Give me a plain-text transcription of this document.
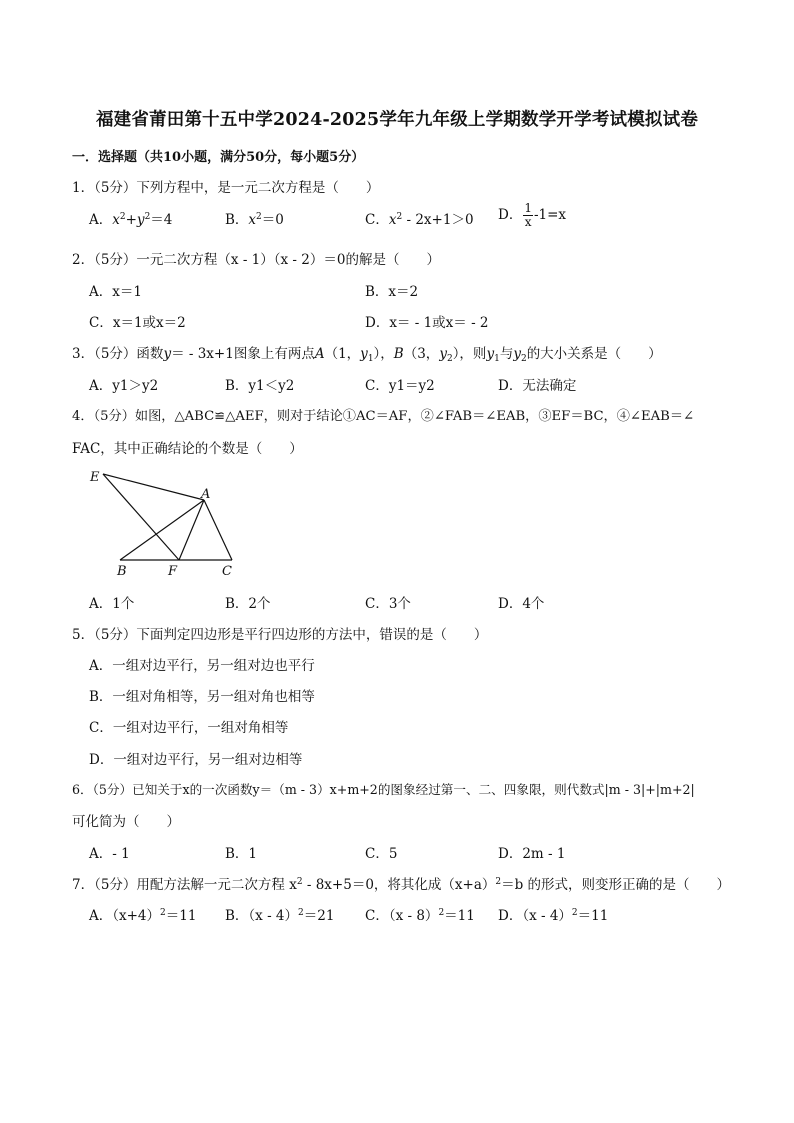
福建省莆田第十五中学2024-2025学年九年级上学期数学开学考试模拟试卷
一．选择题（共10小题，满分50分，每小题5分）
1．（5分）下列方程中，是一元二次方程是（　　）
A．$x^2+y^2=4$	B．$x^2=0$	C．$x^2 - 2x+1>0$ D． $\frac{1}{x} -1=x$
2．（5分）一元二次方程（x - 1）（x - 2）＝0的解是（　　）
A．x＝1	B．x＝2
C．x＝1或x＝2	D．x＝ - 1或x＝ - 2
3．（5分）函数y＝ - 3x+1图象上有两点A（1，$y_1$），B（3，$y_2$），则$y_1$与$y_2$的大小关系是（　　）
A．y1＞y2	B．y1＜y2	C．y1＝y2	D．无法确定
4．（5分）如图，△ABC≌△AEF，则对于结论①AC＝AF，②∠FAB＝∠EAB，③EF＝BC，④∠EAB＝∠
FAC，其中正确结论的个数是（　　）
E
A
B	F	C
A．1个	B．2个	C．3个	D．4个
5．（5分）下面判定四边形是平行四边形的方法中，错误的是（　　）
A．一组对边平行，另一组对边也平行
B．一组对角相等，另一组对角也相等
C．一组对边平行，一组对角相等
D．一组对边平行，另一组对边相等
6．（5分）已知关于x的一次函数y＝（m - 3）x+m+2的图象经过第一、二、四象限，则代数式|m - 3|+|m+2|
可化简为（　　）
A．- 1	B．1	C．5	D．2m - 1
7．（5分）用配方法解一元二次方程 $x^2 - 8x+5=0$，将其化成$(x+a)^2=b$ 的形式，则变形正确的是（　　）
A．$(x+4)^2=11$ B．（x - 4）$^2$＝21 C．（x - 8）$^2$＝11 D．（x - 4）$^2$＝11
